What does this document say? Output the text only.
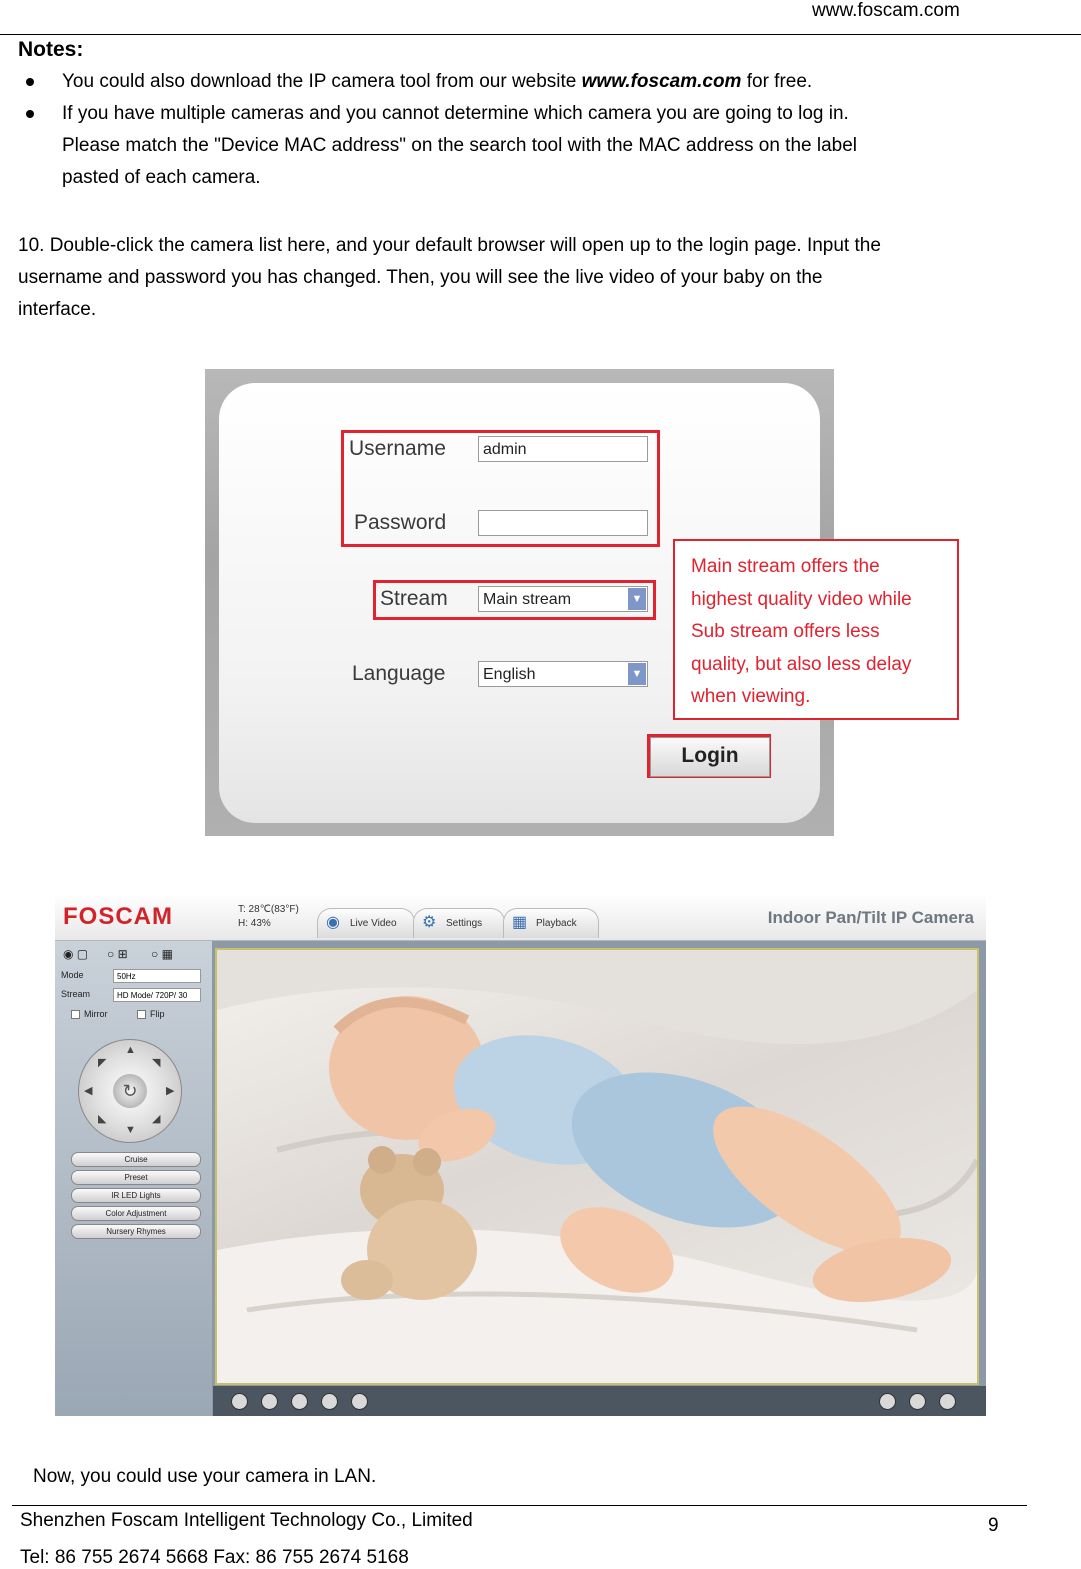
www.foscam.com
Notes:
You could also download the IP camera tool from our website www.foscam.com for free.
If you have multiple cameras and you cannot determine which camera you are going to log in.
Please match the "Device MAC address" on the search tool with the MAC address on the label
pasted of each camera.
10. Double-click the camera list here, and your default browser will open up to the login page. Input the
username and password you has changed. Then, you will see the live video of your baby on the
interface.
Username	admin
Password
Stream	Main stream	▼
Language	English	▼
Login
Main stream offers the
highest quality video while
Sub stream offers less
quality, but also less delay
when viewing.
FOSCAM	T: 28℃(83°F)
H: 43%	◉ Live Video	⚙ Settings	▦ Playback	Indoor Pan/Tilt IP Camera
◉ ▢ ○ ⊞ ○ ▦
Mode	50Hz
Stream	HD Mode/ 720P/ 30
Mirror	Flip
▲
▼
◀	▶
◤	◥
◣	◢
↻
Cruise
Preset
IR LED Lights
Color Adjustment
Nursery Rhymes
Now, you could use your camera in LAN.
Shenzhen Foscam Intelligent Technology Co., Limited	9
Tel: 86 755 2674 5668 Fax: 86 755 2674 5168
